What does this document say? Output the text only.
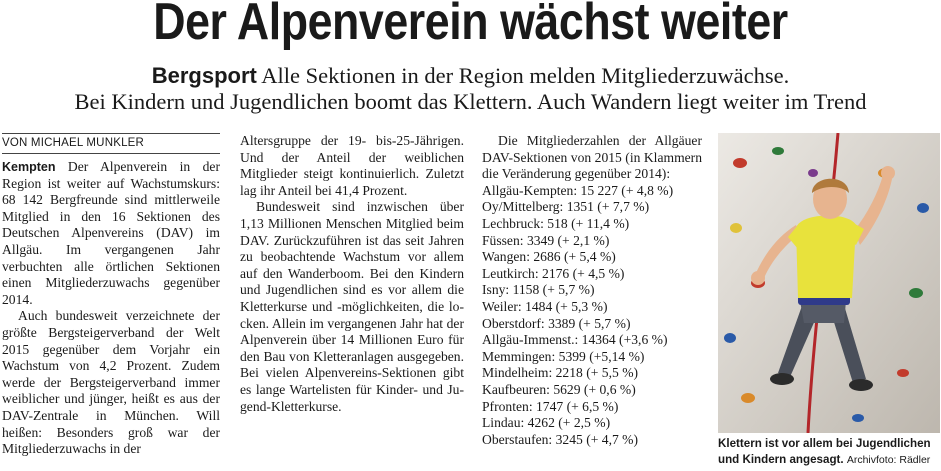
Der Alpenverein wächst weiter
Bergsport Alle Sektionen in der Region melden Mitgliederzuwächse.
Bei Kindern und Jugendlichen boomt das Klettern. Auch Wandern liegt weiter im Trend
VON MICHAEL MUNKLER

Kempten Der Alpenverein in der Region ist weiter auf Wachstumskurs: 68 142 Bergfreunde sind mittlerweile Mitglied in den 16 Sektionen des Deutschen Alpenvereins (DAV) im Allgäu. Im vergangenen Jahr verbuchten alle örtlichen Sektionen einen Mitgliederzuwachs gegenüber 2014.

Auch bundesweit verzeichnete der größte Bergsteigerverband der Welt 2015 gegenüber dem Vorjahr ein Wachstum von 4,2 Prozent. Zudem werde der Bergsteigerverband immer weiblicher und jünger, heißt es aus der DAV-Zentrale in München. Will heißen: Besonders groß war der Mitgliederzuwachs in der

Altersgruppe der 19- bis-25-Jährigen. Und der Anteil der weiblichen Mitglieder steigt kontinuierlich. Zuletzt lag ihr Anteil bei 41,4 Prozent.

Bundesweit sind inzwischen über 1,13 Millionen Menschen Mitglied beim DAV. Zurückzuführen ist das seit Jahren zu beobachtende Wachstum vor allem auf den Wanderboom. Bei den Kindern und Jugendlichen sind es vor allem die Kletterkurse und -möglichkeiten, die locken. Allein im vergangenen Jahr hat der Alpenverein über 14 Millionen Euro für den Bau von Kletteranlagen ausgegeben. Bei vielen Alpenvereins-Sektionen gibt es lange Wartelisten für Kinder- und Jugend-Kletterkurse.

Die Mitgliederzahlen der Allgäuer DAV-Sektionen von 2015 (in Klammern die Veränderung gegenüber 2014):

Allgäu-Kempten: 15 227 (+ 4,8 %)
Oy/Mittelberg: 1351 (+ 7,7 %)
Lechbruck: 518 (+ 11,4 %)
Füssen: 3349 (+ 2,1 %)
Wangen: 2686 (+ 5,4 %)
Leutkirch: 2176 (+ 4,5 %)
Isny: 1158 (+ 5,7 %)
Weiler: 1484 (+ 5,3 %)
Oberstdorf: 3389 (+ 5,7 %)
Allgäu-Immenst.: 14364 (+3,6 %)
Memmingen: 5399 (+5,14 %)
Mindelheim: 2218 (+ 5,5 %)
Kaufbeuren: 5629 (+ 0,6 %)
Pfronten: 1747 (+ 6,5 %)
Lindau: 4262 (+ 2,5 %)
Oberstaufen: 3245 (+ 4,7 %)	Klettern ist vor allem bei Jugendlichen
und Kindern angesagt. Archivfoto: Rädler
